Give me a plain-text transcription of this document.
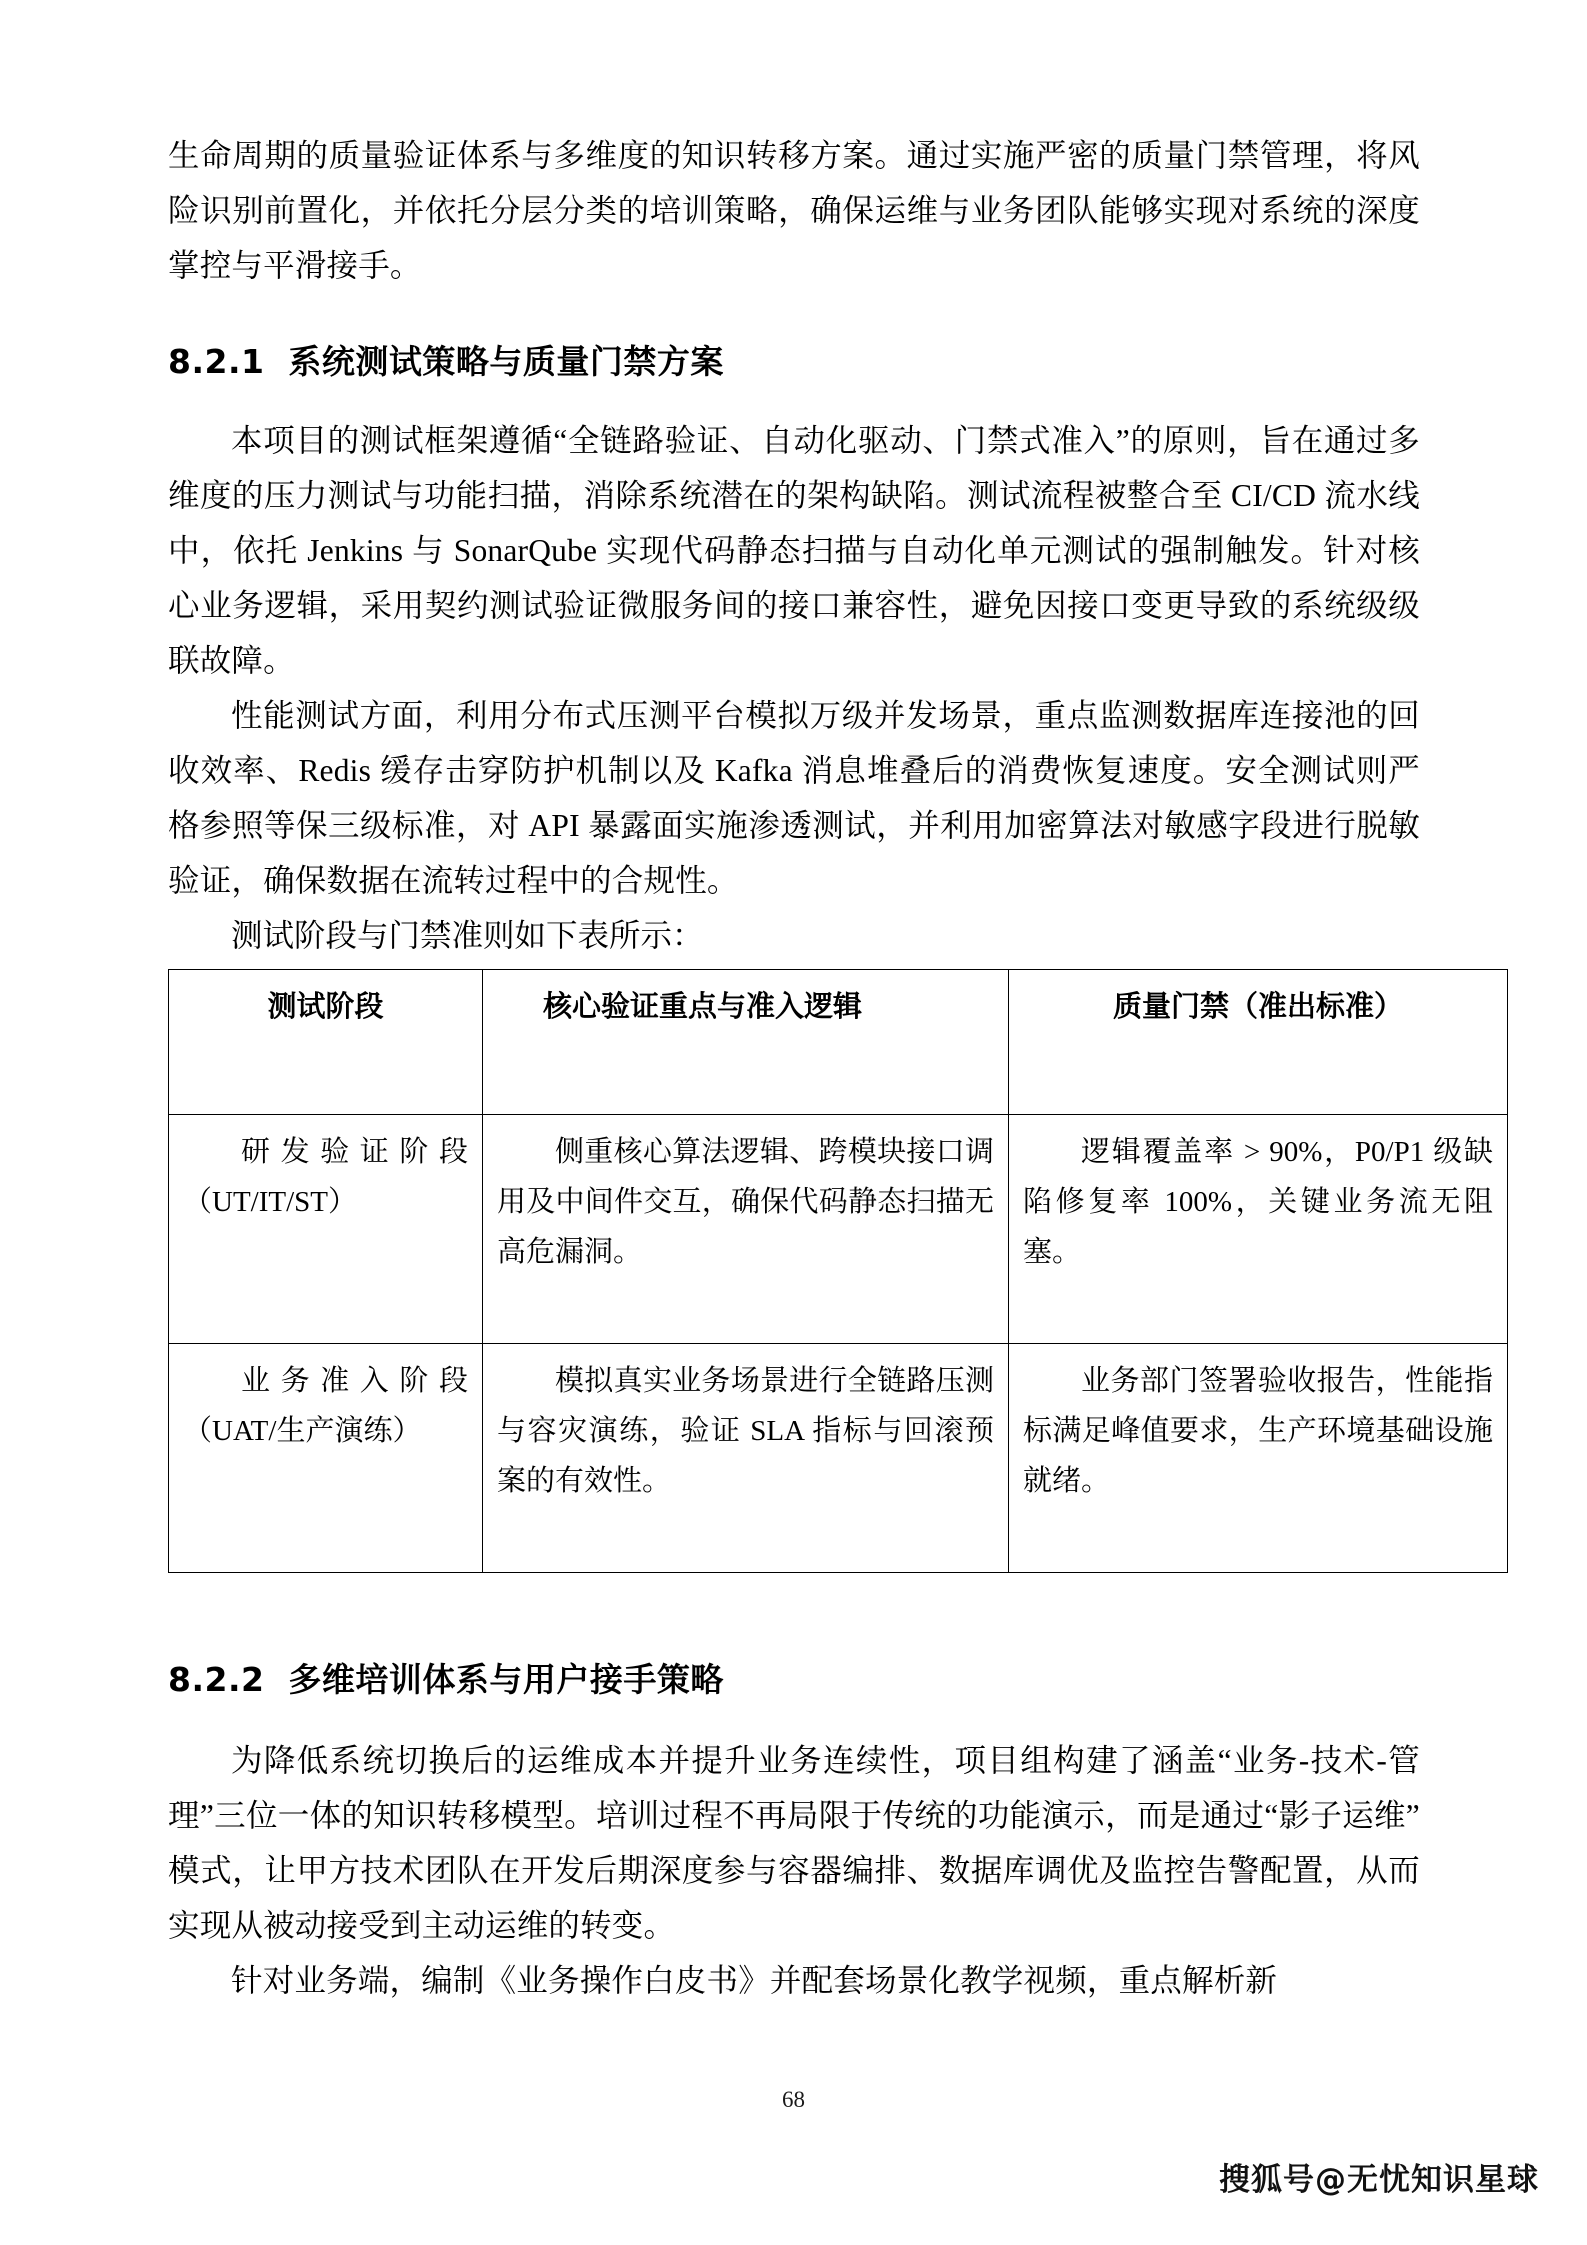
生命周期的质量验证体系与多维度的知识转移方案。通过实施严密的质量门禁管理，将风险识别前置化，并依托分层分类的培训策略，确保运维与业务团队能够实现对系统的深度掌控与平滑接手。

8.2.1  系统测试策略与质量门禁方案

本项目的测试框架遵循“全链路验证、自动化驱动、门禁式准入”的原则，旨在通过多维度的压力测试与功能扫描，消除系统潜在的架构缺陷。测试流程被整合至 CI/CD 流水线中，依托 Jenkins 与 SonarQube 实现代码静态扫描与自动化单元测试的强制触发。针对核心业务逻辑，采用契约测试验证微服务间的接口兼容性，避免因接口变更导致的系统级级联故障。

性能测试方面，利用分布式压测平台模拟万级并发场景，重点监测数据库连接池的回收效率、Redis 缓存击穿防护机制以及 Kafka 消息堆叠后的消费恢复速度。安全测试则严格参照等保三级标准，对 API 暴露面实施渗透测试，并利用加密算法对敏感字段进行脱敏验证，确保数据在流转过程中的合规性。

测试阶段与门禁准则如下表所示：

测试阶段	核心验证重点与准入逻辑	质量门禁（准出标准）
研发验证阶段（UT/IT/ST）	侧重核心算法逻辑、跨模块接口调用及中间件交互，确保代码静态扫描无高危漏洞。	逻辑覆盖率 > 90%，P0/P1 级缺陷修复率 100%，关键业务流无阻塞。
业务准入阶段（UAT/生产演练）	模拟真实业务场景进行全链路压测与容灾演练，验证 SLA 指标与回滚预案的有效性。	业务部门签署验收报告，性能指标满足峰值要求，生产环境基础设施就绪。
8.2.2  多维培训体系与用户接手策略

为降低系统切换后的运维成本并提升业务连续性，项目组构建了涵盖“业务-技术-管理”三位一体的知识转移模型。培训过程不再局限于传统的功能演示，而是通过“影子运维”模式，让甲方技术团队在开发后期深度参与容器编排、数据库调优及监控告警配置，从而实现从被动接受到主动运维的转变。

针对业务端，编制《业务操作白皮书》并配套场景化教学视频，重点解析新

68
搜狐号@无忧知识星球
